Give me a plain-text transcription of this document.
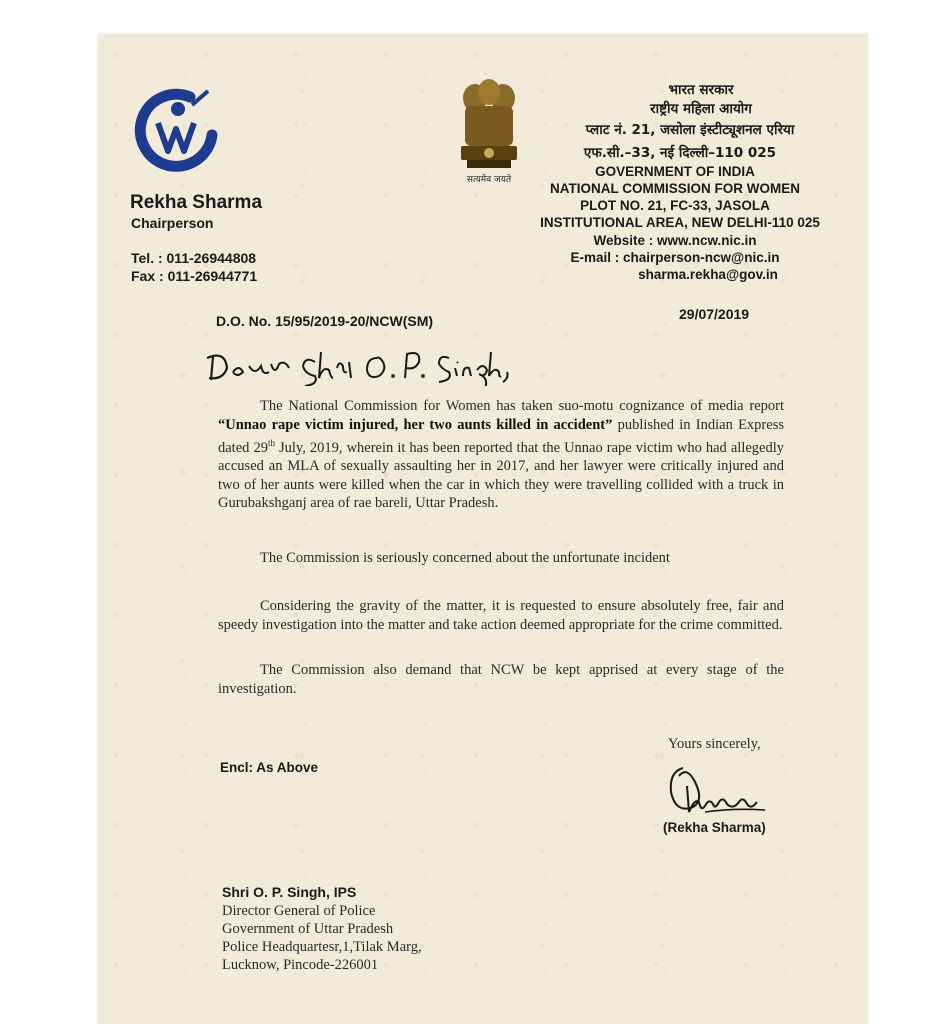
Rekha Sharma
Chairperson
Tel. : 011-26944808
Fax : 011-26944771
सत्यमेव जयते
भारत सरकार
राष्ट्रीय महिला आयोग
प्लाट नं. 21, जसोला इंस्टीट्यूशनल एरिया
एफ.सी.–33, नई दिल्ली–110 025
GOVERNMENT OF INDIA
NATIONAL COMMISSION FOR WOMEN
PLOT NO. 21, FC-33, JASOLA
INSTITUTIONAL AREA, NEW DELHI-110 025
Website : www.ncw.nic.in
E-mail : chairperson-ncw@nic.in
sharma.rekha@gov.in
D.O. No. 15/95/2019-20/NCW(SM)	29/07/2019
The National Commission for Women has taken suo-motu cognizance of media report “Unnao rape victim injured, her two aunts killed in accident” published in Indian Express dated 29th July, 2019, wherein it has been reported that the Unnao rape victim who had allegedly accused an MLA of sexually assaulting her in 2017, and her lawyer were critically injured and two of her aunts were killed when the car in which they were travelling collided with a truck in Gurubakshganj area of rae bareli, Uttar Pradesh.
The Commission is seriously concerned about the unfortunate incident
Considering the gravity of the matter, it is requested to ensure absolutely free, fair and speedy investigation into the matter and take action deemed appropriate for the crime committed.
The Commission also demand that NCW be kept apprised at every stage of the investigation.
Yours sincerely,
(Rekha Sharma)
Encl: As Above
Shri O. P. Singh, IPS
Director General of Police
Government of Uttar Pradesh
Police Headquartesr,1,Tilak Marg,
Lucknow, Pincode-226001
